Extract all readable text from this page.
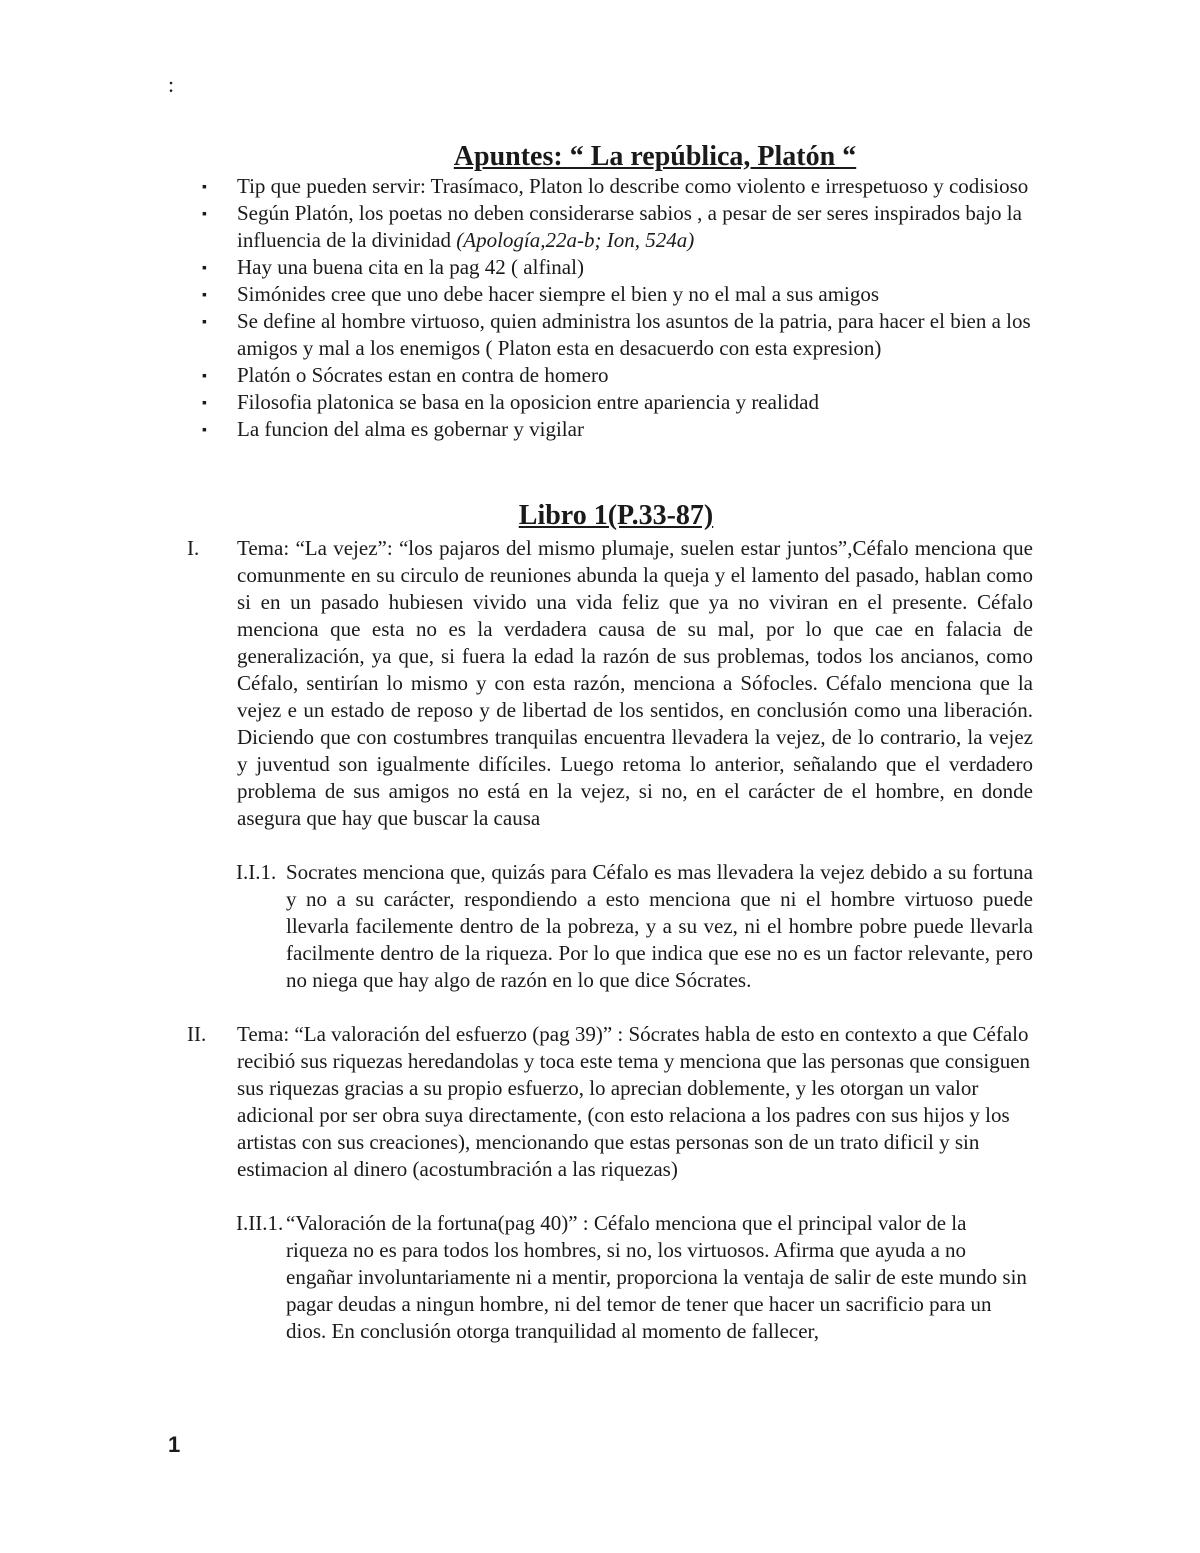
:
Apuntes: “ La república, Platón “
▪ Tip que pueden servir: Trasímaco, Platon lo describe como violento e irrespetuoso y codisioso
▪ Según Platón, los poetas no deben considerarse sabios , a pesar de ser seres inspirados bajo la influencia de la divinidad (Apología,22a-b; Ion, 524a)
▪ Hay una buena cita en la pag 42 ( alfinal)
▪ Simónides cree que uno debe hacer siempre el bien y no el mal a sus amigos
▪ Se define al hombre virtuoso, quien administra los asuntos de la patria, para hacer el bien a los amigos y mal a los enemigos ( Platon esta en desacuerdo con esta expresion)
▪ Platón o Sócrates estan en contra de homero
▪ Filosofia platonica se basa en la oposicion entre apariencia y realidad
▪ La funcion del alma es gobernar y vigilar
Libro 1(P.33-87)
I. Tema: “La vejez”: “los pajaros del mismo plumaje, suelen estar juntos”,Céfalo menciona que comunmente en su circulo de reuniones abunda la queja y el lamento del pasado, hablan como si en un pasado hubiesen vivido una vida feliz que ya no viviran en el presente. Céfalo menciona que esta no es la verdadera causa de su mal, por lo que cae en falacia de generalización, ya que, si fuera la edad la razón de sus problemas, todos los ancianos, como Céfalo, sentirían lo mismo y con esta razón, menciona a Sófocles. Céfalo menciona que la vejez e un estado de reposo y de libertad de los sentidos, en conclusión como una liberación. Diciendo que con costumbres tranquilas encuentra llevadera la vejez, de lo contrario, la vejez y juventud son igualmente difíciles. Luego retoma lo anterior, señalando que el verdadero problema de sus amigos no está en la vejez, si no, en el carácter de el hombre, en donde asegura que hay que buscar la causa
I.I.1. Socrates menciona que, quizás para Céfalo es mas llevadera la vejez debido a su fortuna y no a su carácter, respondiendo a esto menciona que ni el hombre virtuoso puede llevarla facilemente dentro de la pobreza, y a su vez, ni el hombre pobre puede llevarla facilmente dentro de la riqueza. Por lo que indica que ese no es un factor relevante, pero no niega que hay algo de razón en lo que dice Sócrates.
II. Tema: “La valoración del esfuerzo (pag 39)” : Sócrates habla de esto en contexto a que Céfalo recibió sus riquezas heredandolas y toca este tema y menciona que las personas que consiguen sus riquezas gracias a su propio esfuerzo, lo aprecian doblemente, y les otorgan un valor adicional por ser obra suya directamente, (con esto relaciona a los padres con sus hijos y los artistas con sus creaciones), mencionando que estas personas son de un trato dificil y sin estimacion al dinero (acostumbración a las riquezas)
I.II.1. “Valoración de la fortuna(pag 40)” : Céfalo menciona que el principal valor de la riqueza no es para todos los hombres, si no, los virtuosos. Afirma que ayuda a no engañar involuntariamente ni a mentir, proporciona la ventaja de salir de este mundo sin pagar deudas a ningun hombre, ni del temor de tener que hacer un sacrificio para un dios. En conclusión otorga tranquilidad al momento de fallecer,
1
